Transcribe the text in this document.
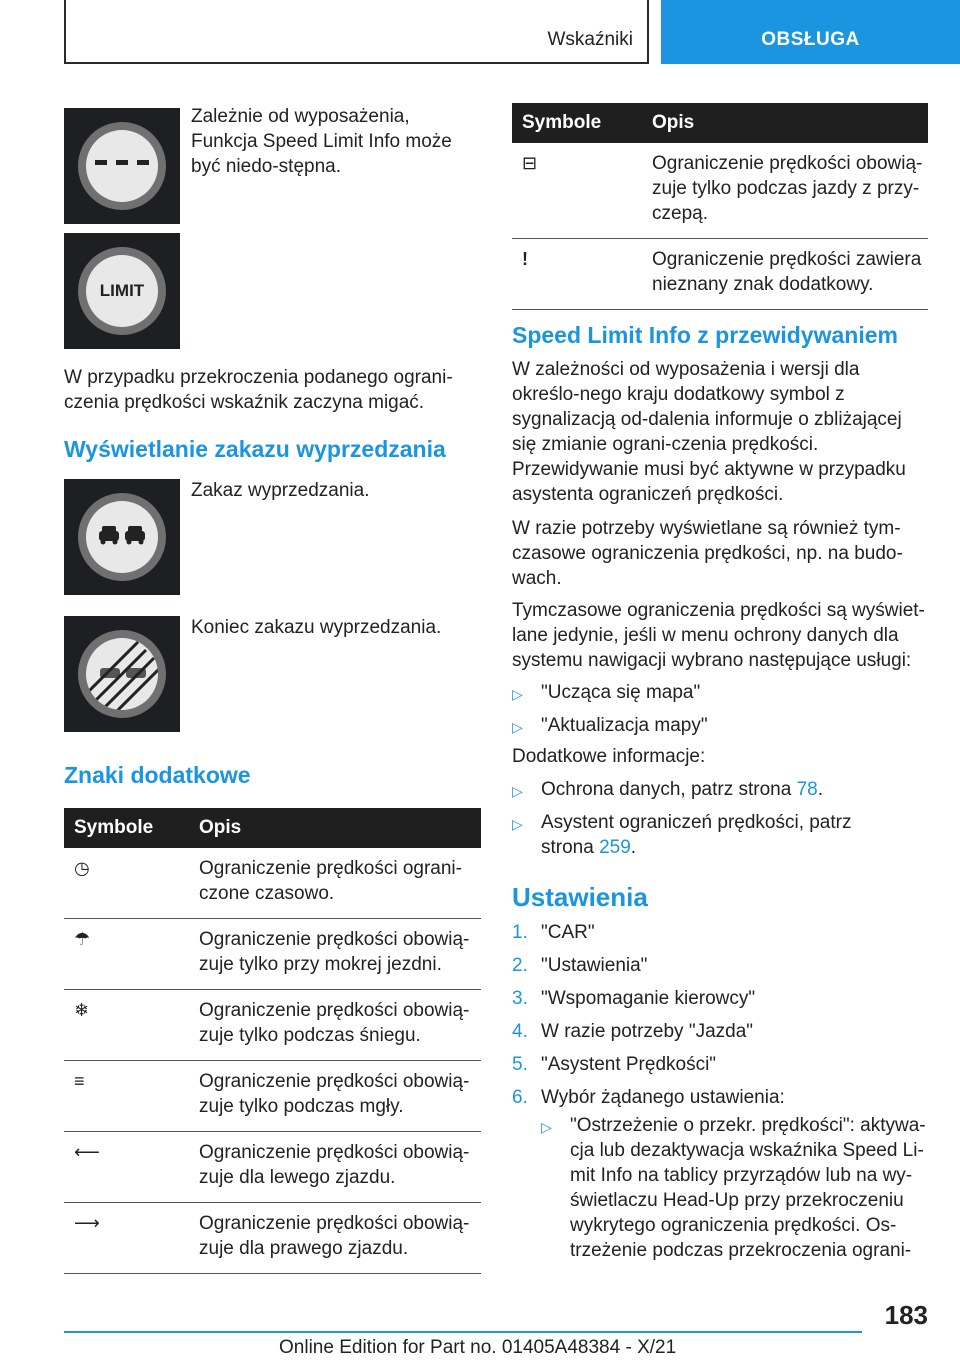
Wskaźniki	OBSŁUGA

Zależnie od wyposażenia, Funkcja Speed Limit Info może być niedo-stępna.

LIMIT

W przypadku przekroczenia podanego ograni-czenia prędkości wskaźnik zaczyna migać.

Wyświetlanie zakazu wyprzedzania

Zakaz wyprzedzania.

Koniec zakazu wyprzedzania.

Znaki dodatkowe
Symbole	Opis
◷	Ograniczenie prędkości ograni-czone czasowo.
☂	Ograniczenie prędkości obowią-zuje tylko przy mokrej jezdni.
❄	Ograniczenie prędkości obowią-zuje tylko podczas śniegu.
≡	Ograniczenie prędkości obowią-zuje tylko podczas mgły.
⟵	Ograniczenie prędkości obowią-zuje dla lewego zjazdu.
⟶	Ograniczenie prędkości obowią-zuje dla prawego zjazdu.
Symbole	Opis
⊟	Ograniczenie prędkości obowią-zuje tylko podczas jazdy z przy-czepą.
!	Ograniczenie prędkości zawiera nieznany znak dodatkowy.
Speed Limit Info z przewidywaniem

W zależności od wyposażenia i wersji dla określo-nego kraju dodatkowy symbol z sygnalizacją od-dalenia informuje o zbliżającej się zmianie ograni-czenia prędkości. Przewidywanie musi być aktywne w przypadku asystenta ograniczeń prędkości.

W razie potrzeby wyświetlane są również tym-czasowe ograniczenia prędkości, np. na budo-wach.

Tymczasowe ograniczenia prędkości są wyświet-lane jedynie, jeśli w menu ochrony danych dla systemu nawigacji wybrano następujące usługi:

▷ "Ucząca się mapa"
▷ "Aktualizacja mapy"

Dodatkowe informacje:

▷ Ochrona danych, patrz strona 78.
▷ Asystent ograniczeń prędkości, patrz strona 259.
Ustawienia
1. "CAR"
2. "Ustawienia"
3. "Wspomaganie kierowcy"
4. W razie potrzeby "Jazda"
5. "Asystent Prędkości"
6. Wybór żądanego ustawienia:
▷ "Ostrzeżenie o przekr. prędkości": aktywa-cja lub dezaktywacja wskaźnika Speed Li-mit Info na tablicy przyrządów lub na wy-świetlaczu Head-Up przy przekroczeniu wykrytego ograniczenia prędkości. Os-trzeżenie podczas przekroczenia ograni-
183
Online Edition for Part no. 01405A48384 - X/21
